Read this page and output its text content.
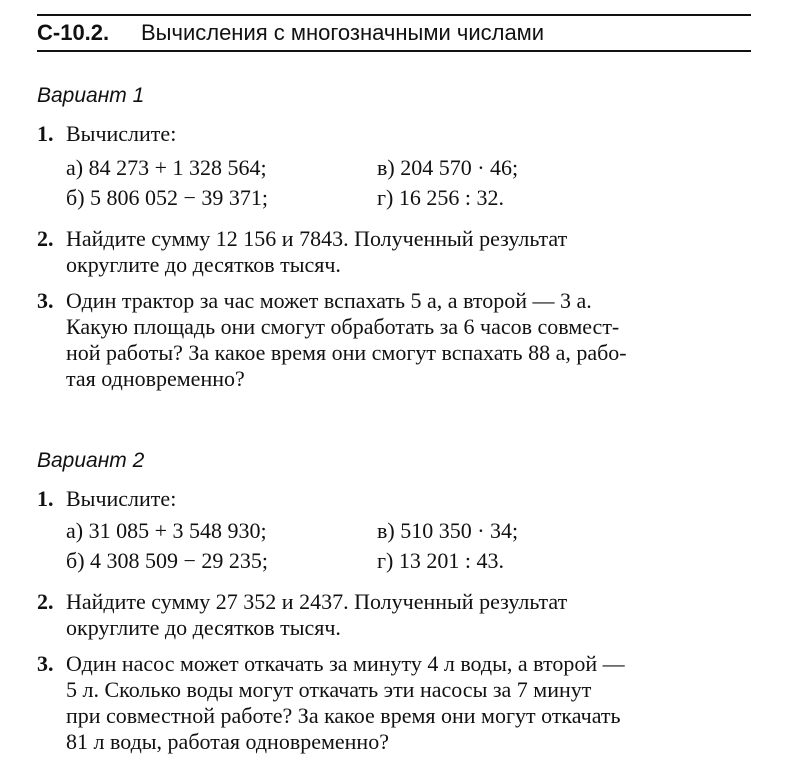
С-10.2. Вычисления с многозначными числами
Вариант 1
1. Вычислите:
а) 84 273 + 1 328 564;	в) 204 570 · 46;
б) 5 806 052 − 39 371;	г) 16 256 : 32.
2. Найдите сумму 12 156 и 7843. Полученный результат
округлите до десятков тысяч.
3. Один трактор за час может вспахать 5 а, а второй — 3 а.
Какую площадь они смогут обработать за 6 часов совмест-
ной работы? За какое время они смогут вспахать 88 а, рабо-
тая одновременно?
Вариант 2
1. Вычислите:
а) 31 085 + 3 548 930;	в) 510 350 · 34;
б) 4 308 509 − 29 235;	г) 13 201 : 43.
2. Найдите сумму 27 352 и 2437. Полученный результат
округлите до десятков тысяч.
3. Один насос может откачать за минуту 4 л воды, а второй —
5 л. Сколько воды могут откачать эти насосы за 7 минут
при совместной работе? За какое время они могут откачать
81 л воды, работая одновременно?
